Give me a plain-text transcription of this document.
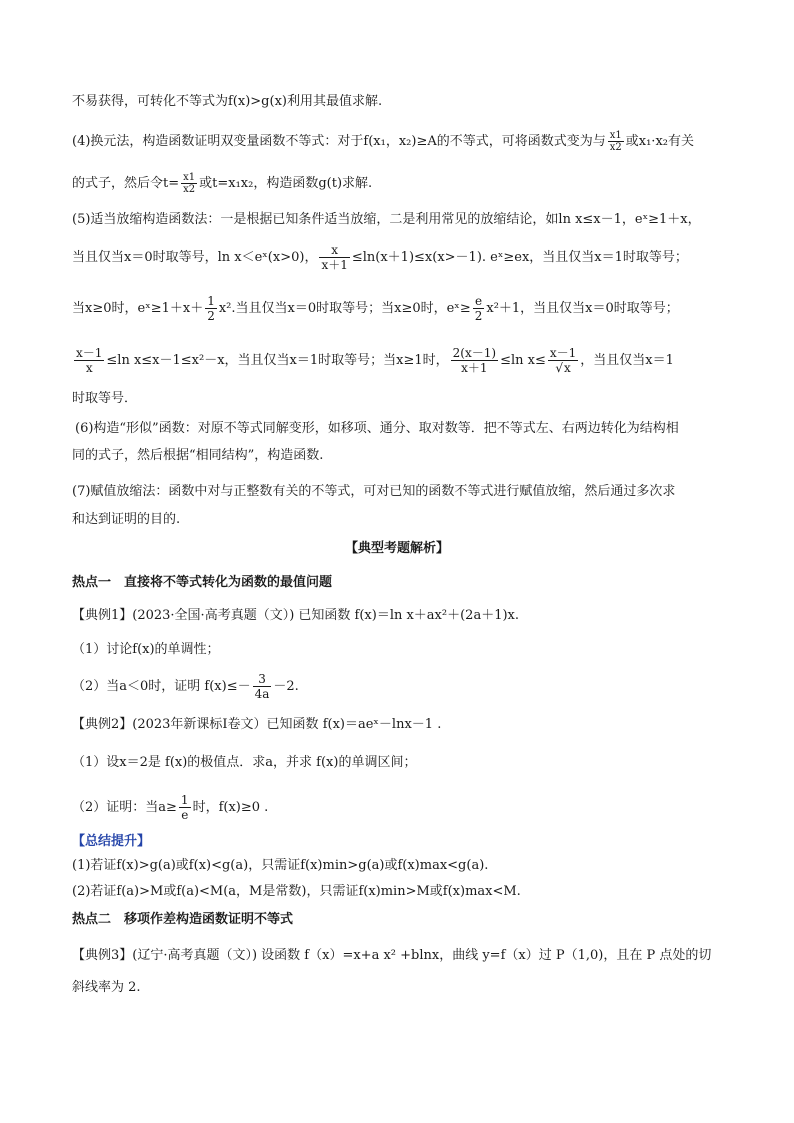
不易获得，可转化不等式为f(x)>g(x)利用其最值求解.
(4)换元法，构造函数证明双变量函数不等式：对于f(x₁，x₂)≥A的不等式，可将函数式变为与 $\frac{x1}{x2}$ 或x₁·x₂有关
的式子，然后令$t= \frac{x1}{x2}$ 或t=x₁x₂，构造函数g(t)求解.
(5)适当放缩构造函数法：一是根据已知条件适当放缩，二是利用常见的放缩结论，如ln x≤x－1，eˣ≥1＋x，
当且仅当x＝0时取等号，ln x＜eˣ(x>0)， $\frac{x}{x+1} \le\ln(x+1)\le x(x>-1)$. eˣ≥ex，当且仅当x＝1时取等号；
当x≥0时，eˣ≥1＋x＋ $\frac{1}{2} x^2$.当且仅当x＝0时取等号；当x≥0时，eˣ≥ $\frac{e}{2} x^2+1$，当且仅当x＝0时取等号；
$\frac{x-1}{x} \le\ln$ x≤x－1≤x²－x，当且仅当x＝1时取等号；当x≥1时， $\frac{2(x-1)}{x+1} \le\ln$ $x\le \frac{x-1}{√x}$ ，当且仅当x＝1
时取等号．
(6)构造“形似”函数：对原不等式同解变形，如移项、通分、取对数等．把不等式左、右两边转化为结构相
同的式子，然后根据“相同结构”，构造函数.
(7)赋值放缩法：函数中对与正整数有关的不等式，可对已知的函数不等式进行赋值放缩，然后通过多次求
和达到证明的目的.
【典型考题解析】
热点一　直接将不等式转化为函数的最值问题
【典例1】(2023·全国·高考真题（文）) 已知函数 f(x)＝ln x＋ax²＋(2a＋1)x.
（1）讨论f(x)的单调性；
（2）当a＜0时，证明 $f(x)\le- \frac{3}{4a} -2$.
【典例2】(2023年新课标I卷文）已知函数 f(x)＝aeˣ－lnx－1 .
（1）设x＝2是 f(x)的极值点．求a，并求 f(x)的单调区间；
（2）证明：当$a\ge \frac{1}{e}$ 时，f(x)≥0 .
【总结提升】
(1)若证f(x)>g(a)或f(x)<g(a)，只需证f(x)min>g(a)或f(x)max<g(a).
(2)若证f(a)>M或f(a)<M(a，M是常数)，只需证f(x)min>M或f(x)max<M.
热点二　移项作差构造函数证明不等式
【典例3】(辽宁·高考真题（文）) 设函数 f（x）=x+a x² +blnx，曲线 y=f（x）过 P（1,0)，且在 P 点处的切
斜线率为 2.
